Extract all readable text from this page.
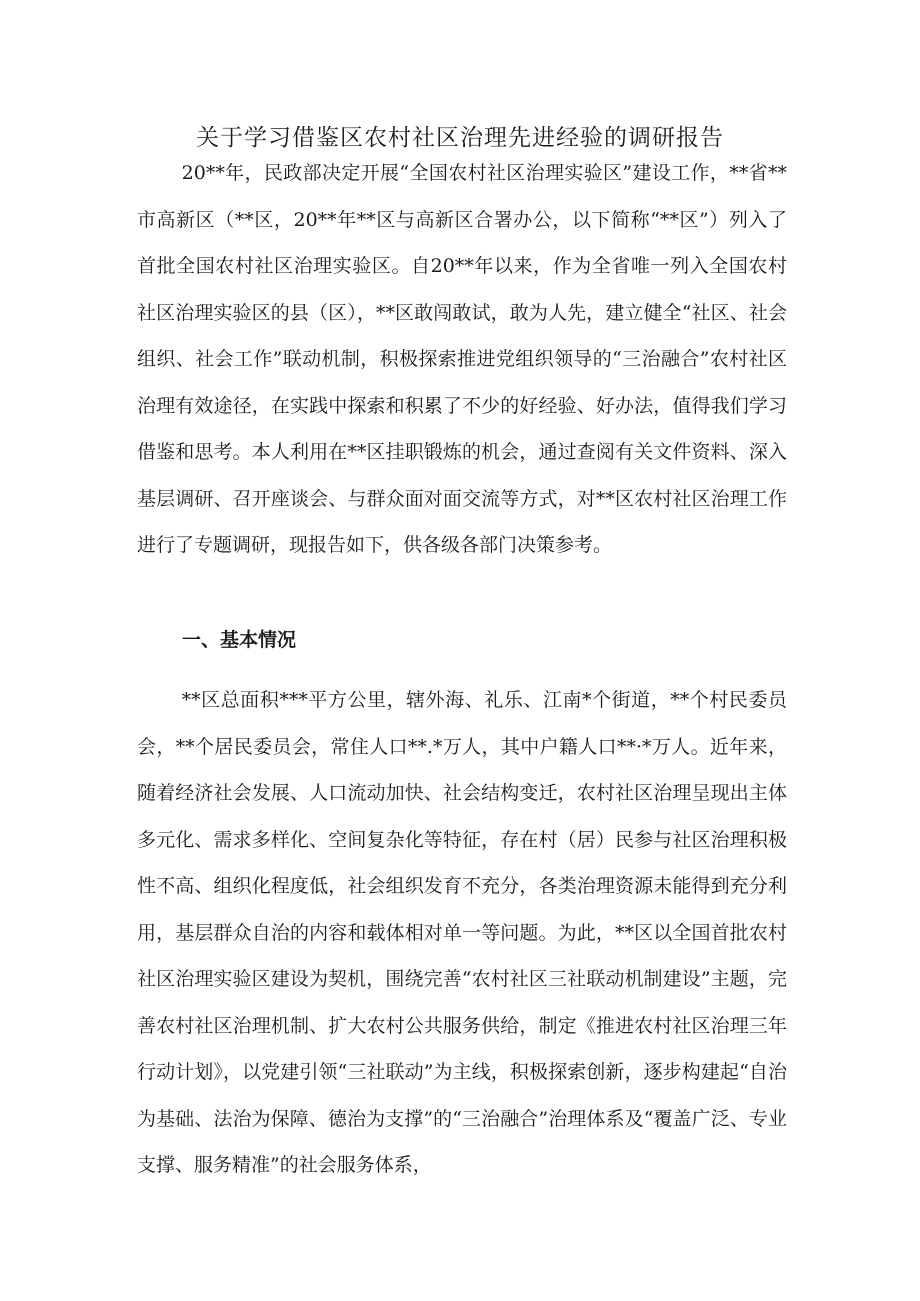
关于学习借鉴区农村社区治理先进经验的调研报告

20**年，民政部决定开展“全国农村社区治理实验区”建设工作，**省**市高新区（**区，20**年**区与高新区合署办公，以下简称“**区”）列入了首批全国农村社区治理实验区。自20**年以来，作为全省唯一列入全国农村社区治理实验区的县（区），**区敢闯敢试，敢为人先，建立健全“社区、社会组织、社会工作”联动机制，积极探索推进党组织领导的“三治融合”农村社区治理有效途径，在实践中探索和积累了不少的好经验、好办法，值得我们学习借鉴和思考。本人利用在**区挂职锻炼的机会，通过查阅有关文件资料、深入基层调研、召开座谈会、与群众面对面交流等方式，对**区农村社区治理工作进行了专题调研，现报告如下，供各级各部门决策参考。

一、基本情况

**区总面积***平方公里，辖外海、礼乐、江南*个街道，**个村民委员会，**个居民委员会，常住人口**.*万人，其中户籍人口**·*万人。近年来，随着经济社会发展、人口流动加快、社会结构变迁，农村社区治理呈现出主体多元化、需求多样化、空间复杂化等特征，存在村（居）民参与社区治理积极性不高、组织化程度低，社会组织发育不充分，各类治理资源未能得到充分利用，基层群众自治的内容和载体相对单一等问题。为此，**区以全国首批农村社区治理实验区建设为契机，围绕完善“农村社区三社联动机制建设”主题，完善农村社区治理机制、扩大农村公共服务供给，制定《推进农村社区治理三年行动计划》，以党建引领“三社联动”为主线，积极探索创新，逐步构建起“自治为基础、法治为保障、德治为支撑”的“三治融合”治理体系及“覆盖广泛、专业支撑、服务精准”的社会服务体系，
